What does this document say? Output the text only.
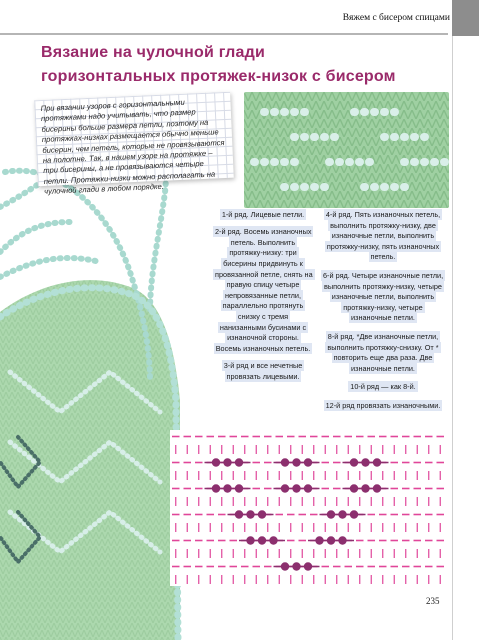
Вяжем с бисером спицами
Вязание на чулочной глади
горизонтальных протяжек-низок с бисером

При вязании узоров с горизонтальными протяжками надо учитывать, что размер бисерины больше размера петли, поэтому на протяжках-низках размещается обычно меньше бисерин, чем петель, которые не провязываются на полотне. Так, в нашем узоре на протяжке – три бисерины, а не провязываются четыре петли. Протяжки-низки можно располагать на чулочной глади в любом порядке.

1-й ряд. Лицевые петли.

2-й ряд. Восемь изнаночных петель. Выполнить протяжку-низку: три бисерины придвинуть к провязанной петле, снять на правую спицу четыре непровязанные петли, параллельно протянуть снизку с тремя нанизанными бусинами с изнаночной стороны. Восемь изнаночных петель.

3-й ряд и все нечетные провязать лицевыми.

4-й ряд. Пять изнаночных петель, выполнить протяжку-низку, две изнаночные петли, выполнить протяжку-низку, пять изнаночных петель.

6-й ряд. Четыре изнаночные петли, выполнить протяжку-низку, четыре изнаночные петли, выполнить протяжку-низку, четыре изнаночные петли.

8-й ряд. *Две изнаночные петли, выполнить протяжку-снизку. От * повторить еще два раза. Две изнаночные петли.

10-й ряд — как 8-й.

12-й ряд провязать изнаночными.

235
